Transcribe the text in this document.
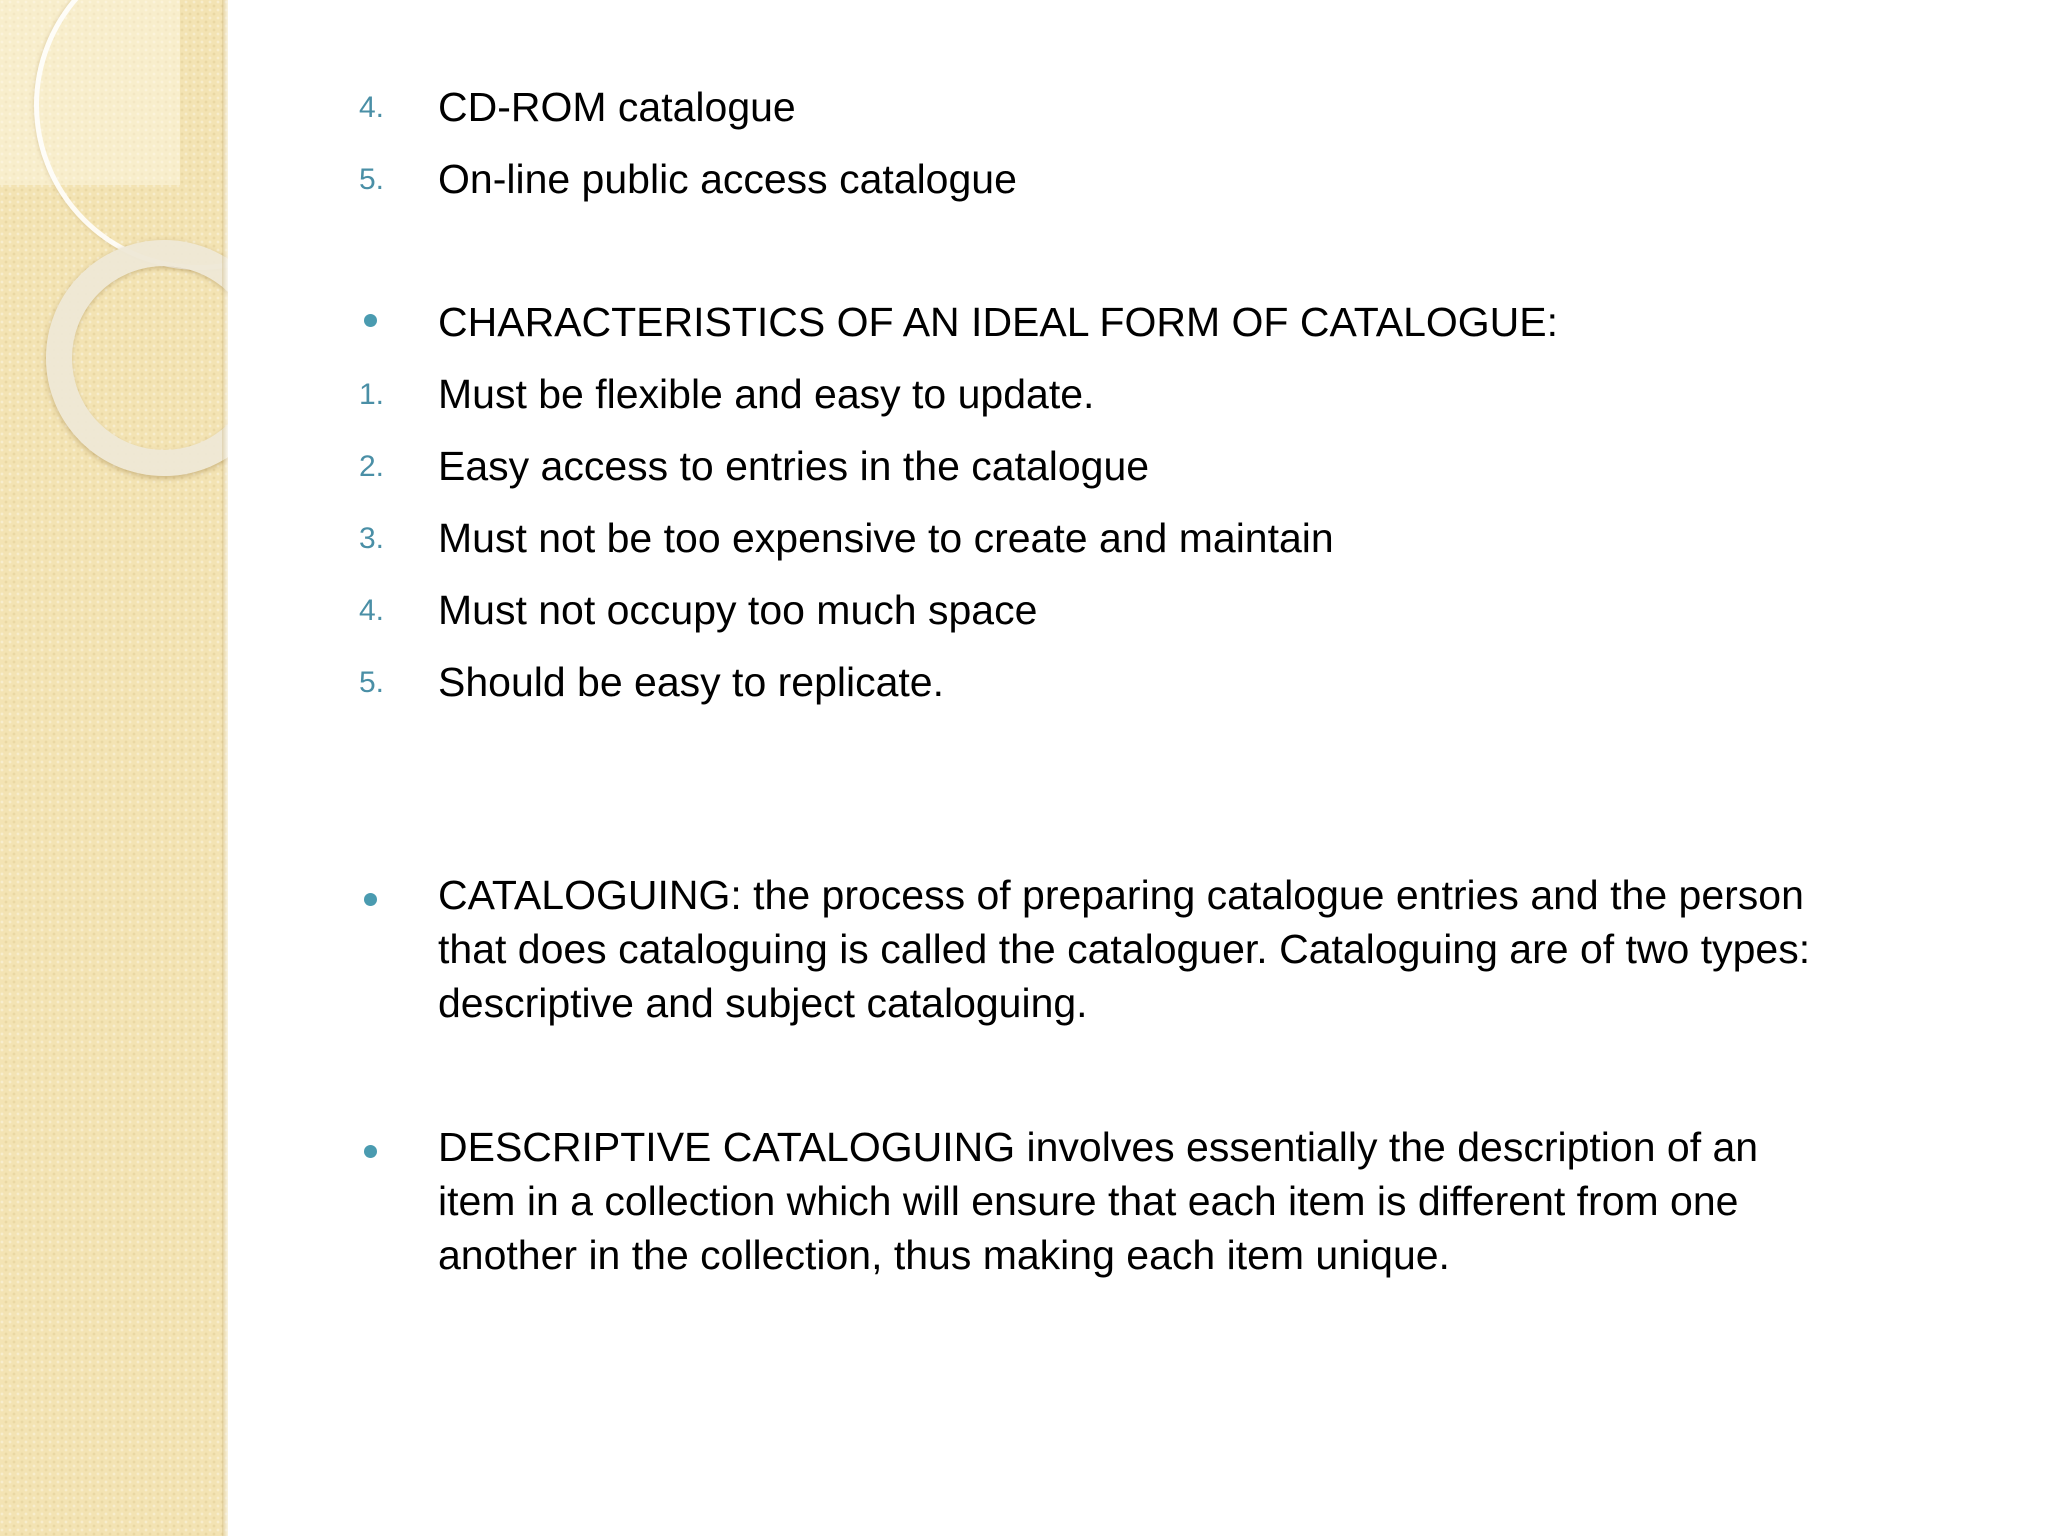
4.	CD-ROM catalogue
5.	On-line public access catalogue
CHARACTERISTICS OF AN IDEAL FORM OF CATALOGUE:
1.	Must be flexible and easy to update.
2.	Easy access to entries in the catalogue
3.	Must not be too expensive to create and maintain
4.	Must not occupy too much space
5.	Should be easy to replicate.
CATALOGUING: the process of preparing catalogue entries and the person
that does cataloguing is called the cataloguer. Cataloguing are of two types:
descriptive and subject cataloguing.
DESCRIPTIVE CATALOGUING involves essentially the description of an
item in a collection which will ensure that each item is different from one
another in the collection, thus making each item unique.
